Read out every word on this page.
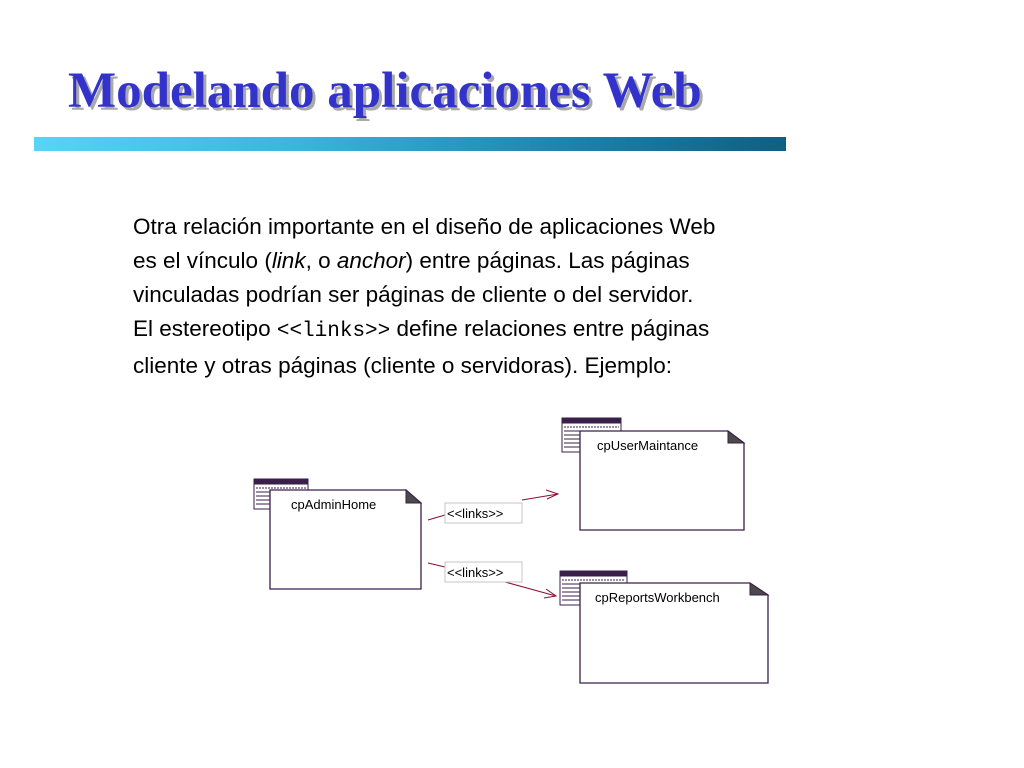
Modelando aplicaciones Web
Otra relación importante en el diseño de aplicaciones Web
es el vínculo (link, o anchor) entre páginas. Las páginas
vinculadas podrían ser páginas de cliente o del servidor.
El estereotipo <<links>> define relaciones entre páginas
cliente y otras páginas (cliente o servidoras). Ejemplo:
cpAdminHome
cpUserMaintance
cpReportsWorkbench
<<links>>
<<links>>
